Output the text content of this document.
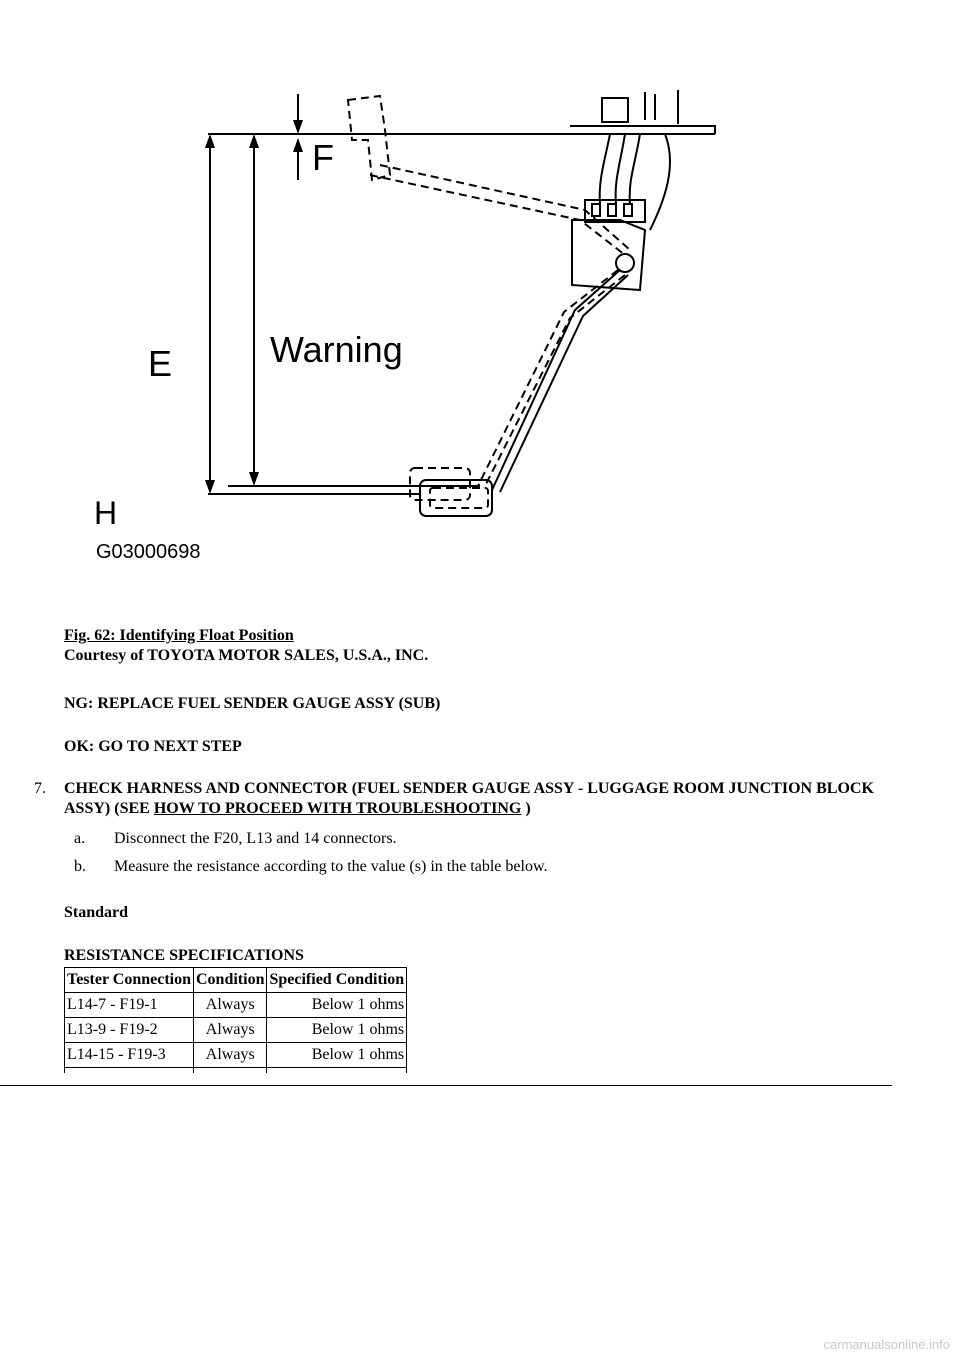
F
E	Warning
H
G03000698
Fig. 62: Identifying Float Position
Courtesy of TOYOTA MOTOR SALES, U.S.A., INC.
NG: REPLACE FUEL SENDER GAUGE ASSY (SUB)
OK: GO TO NEXT STEP
7. CHECK HARNESS AND CONNECTOR (FUEL SENDER GAUGE ASSY - LUGGAGE ROOM JUNCTION BLOCK ASSY) (SEE HOW TO PROCEED WITH TROUBLESHOOTING )
a. Disconnect the F20, L13 and 14 connectors.
b. Measure the resistance according to the value (s) in the table below.
Standard
RESISTANCE SPECIFICATIONS
Tester Connection	Condition	Specified Condition
L14-7 - F19-1	Always	Below 1 ohms
L13-9 - F19-2	Always	Below 1 ohms
L14-15 - F19-3	Always	Below 1 ohms

carmanualsonline.info
